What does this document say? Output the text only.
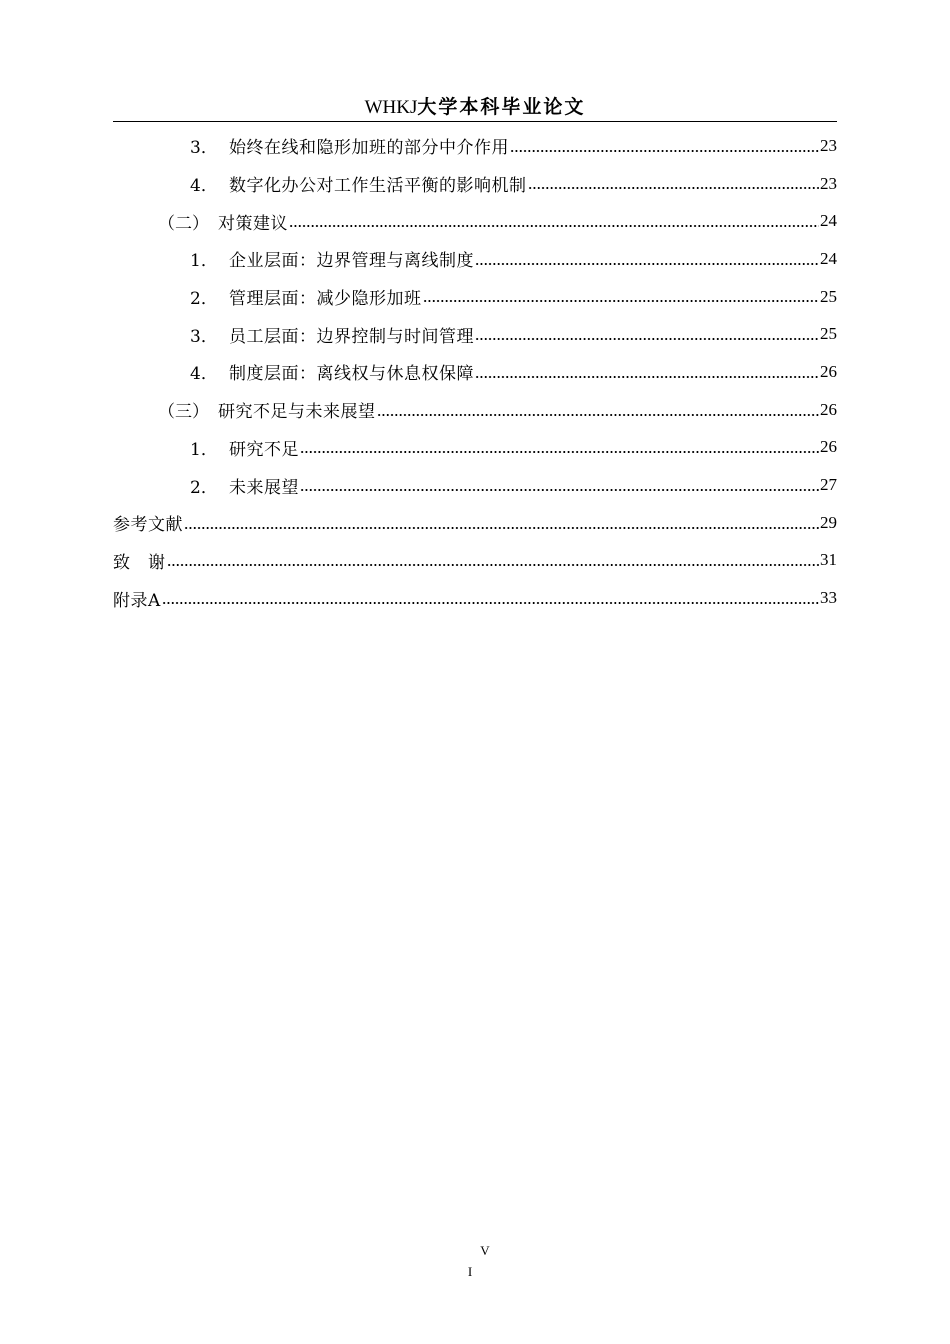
WHKJ大学本科毕业论文
3． 始终在线和隐形加班的部分中介作用	23
4． 数字化办公对工作生活平衡的影响机制	23
（二） 对策建议	24
1． 企业层面：边界管理与离线制度	24
2． 管理层面：减少隐形加班	25
3． 员工层面：边界控制与时间管理	25
4． 制度层面：离线权与休息权保障	26
（三） 研究不足与未来展望	26
1． 研究不足	26
2． 未来展望	27
参考文献	29
致　谢	31
附录A	33
V
I
